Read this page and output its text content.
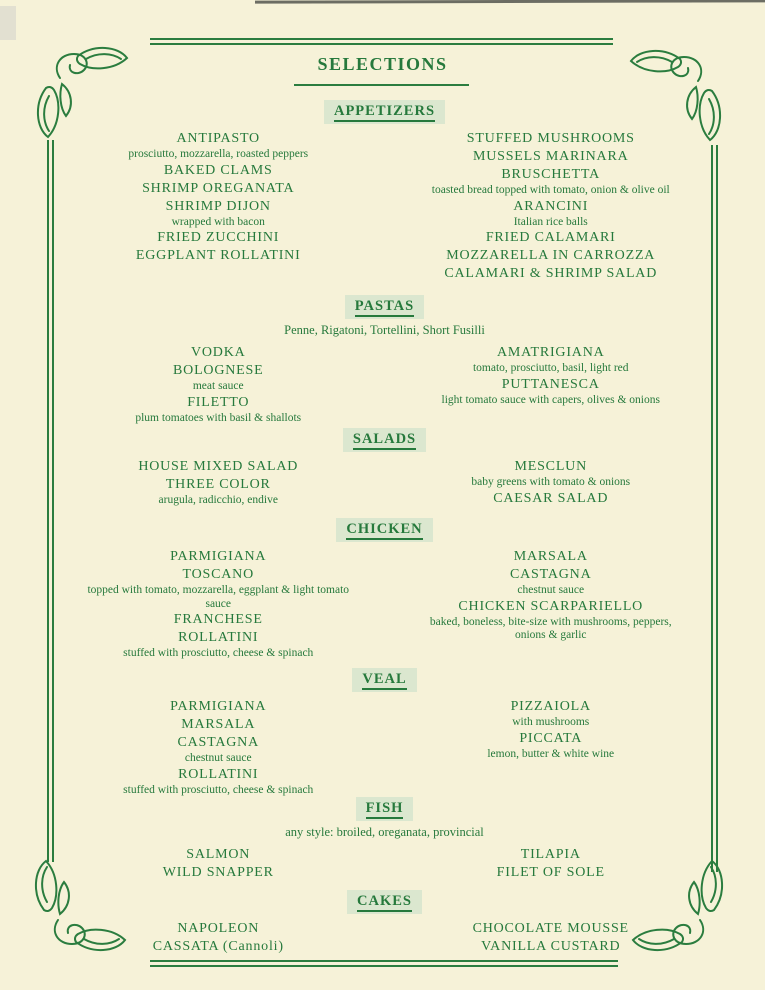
SELECTIONS
APPETIZERS
ANTIPASTO
prosciutto, mozzarella, roasted peppers
BAKED CLAMS
SHRIMP OREGANATA
SHRIMP DIJON
wrapped with bacon
FRIED ZUCCHINI
EGGPLANT ROLLATINI
STUFFED MUSHROOMS
MUSSELS MARINARA
BRUSCHETTA
toasted bread topped with tomato, onion & olive oil
ARANCINI
Italian rice balls
FRIED CALAMARI
MOZZARELLA IN CARROZZA
CALAMARI & SHRIMP SALAD
PASTAS
Penne, Rigatoni, Tortellini, Short Fusilli
VODKA
BOLOGNESE
meat sauce
FILETTO
plum tomatoes with basil & shallots
AMATRIGIANA
tomato, prosciutto, basil, light red
PUTTANESCA
light tomato sauce with capers, olives & onions
SALADS
HOUSE MIXED SALAD
THREE COLOR
arugula, radicchio, endive
MESCLUN
baby greens with tomato & onions
CAESAR SALAD
CHICKEN
PARMIGIANA
TOSCANO
topped with tomato, mozzarella, eggplant & light tomato sauce
FRANCHESE
ROLLATINI
stuffed with prosciutto, cheese & spinach
MARSALA
CASTAGNA
chestnut sauce
CHICKEN SCARPARIELLO
baked, boneless, bite-size with mushrooms, peppers, onions & garlic
VEAL
PARMIGIANA
MARSALA
CASTAGNA
chestnut sauce
ROLLATINI
stuffed with prosciutto, cheese & spinach
PIZZAIOLA
with mushrooms
PICCATA
lemon, butter & white wine
FISH
any style: broiled, oreganata, provincial
SALMON
WILD SNAPPER
TILAPIA
FILET OF SOLE
CAKES
NAPOLEON
CASSATA (Cannoli)
CHOCOLATE MOUSSE
VANILLA CUSTARD
